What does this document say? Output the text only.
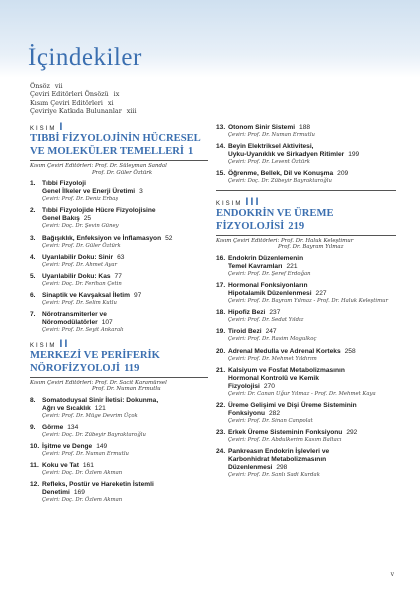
İçindekiler
Önsöz vii
Çeviri Editörleri Önsözü ix
Kısım Çeviri Editörleri xi
Çeviriye Katkıda Bulunanlar xiii
KISIM I
TIBBİ FİZYOLOJİNİN HÜCRESEL
VE MOLEKÜLER TEMELLERİ 1
Kısım Çeviri Editörleri: Prof. Dr. Süleyman Sandal
Prof. Dr. Güler Öztürk
1. Tıbbi Fizyoloji
Genel İlkeler ve Enerji Üretimi 3
Çeviri: Prof. Dr. Deniz Erbaş
2. Tıbbi Fizyolojide Hücre Fizyolojisine
Genel Bakış 25
Çeviri: Doç. Dr. Şevin Güney
3. Bağışıklık, Enfeksiyon ve İnflamasyon 52
Çeviri: Prof. Dr. Güler Öztürk
4. Uyarılabilir Doku: Sinir 63
Çeviri: Prof. Dr. Ahmet Ayar
5. Uyarılabilir Doku: Kas 77
Çeviri: Doç. Dr. Ferihan Çetin
6. Sinaptik ve Kavşaksal İletim 97
Çeviri: Prof. Dr. Selim Kutlu
7. Nörotransmiterler ve
Nöromodülatörler 107
Çeviri: Prof. Dr. Seyit Ankaralı
KISIM II
MERKEZİ VE PERİFERİK
NÖROFİZYOLOJİ 119
Kısım Çeviri Editörleri: Prof. Dr. Sacit Karamürsel
Prof. Dr. Numan Ermutlu
8. Somatoduysal Sinir İletisi: Dokunma,
Ağrı ve Sıcaklık 121
Çeviri: Prof. Dr. Müge Devrim Üçok
9. Görme 134
Çeviri: Doç. Dr. Zübeyir Bayraktaroğlu
10. İşitme ve Denge 149
Çeviri: Prof. Dr. Numan Ermutlu
11. Koku ve Tat 161
Çeviri: Doç. Dr. Özlem Akman
12. Refleks, Postür ve Hareketin İstemli
Denetimi 169
Çeviri: Doç. Dr. Özlem Akman
13. Otonom Sinir Sistemi 188
Çeviri: Prof. Dr. Numan Ermutlu
14. Beyin Elektriksel Aktivitesi,
Uyku-Uyanıklık ve Sirkadyen Ritimler 199
Çeviri: Prof. Dr. Levent Öztürk
15. Öğrenme, Bellek, Dil ve Konuşma 209
Çeviri: Doç. Dr. Zübeyir Bayraktaroğlu
KISIM III
ENDOKRİN VE ÜREME
FİZYOLOJİSİ 219
Kısım Çeviri Editörleri: Prof. Dr. Haluk Keleştimur
Prof. Dr. Bayram Yılmaz
16. Endokrin Düzenlemenin
Temel Kavramları 221
Çeviri: Prof. Dr. Şeref Erdoğan
17. Hormonal Fonksiyonların
Hipotalamik Düzenlenmesi 227
Çeviri: Prof. Dr. Bayram Yılmaz - Prof. Dr. Haluk Keleştimur
18. Hipofiz Bezi 237
Çeviri: Prof. Dr. Sedat Yıldız
19. Tiroid Bezi 247
Çeviri: Prof. Dr. Rasim Mogulkoç
20. Adrenal Medulla ve Adrenal Korteks 258
Çeviri: Prof. Dr. Mehmet Yıldırım
21. Kalsiyum ve Fosfat Metabolizmasının
Hormonal Kontrolü ve Kemik
Fizyolojisi 270
Çeviri: Dr. Canan Uğur Yılmaz - Prof. Dr. Mehmet Kaya
22. Üreme Gelişimi ve Dişi Üreme Sisteminin
Fonksiyonu 282
Çeviri: Prof. Dr. Sinan Canpolat
23. Erkek Üreme Sisteminin Fonksiyonu 292
Çeviri: Prof. Dr. Abdulkerim Kasım Baltacı
24. Pankreasın Endokrin İşlevleri ve
Karbonhidrat Metabolizmasının
Düzenlenmesi 298
Çeviri: Prof. Dr. Sanlı Sadi Kurdak
v
